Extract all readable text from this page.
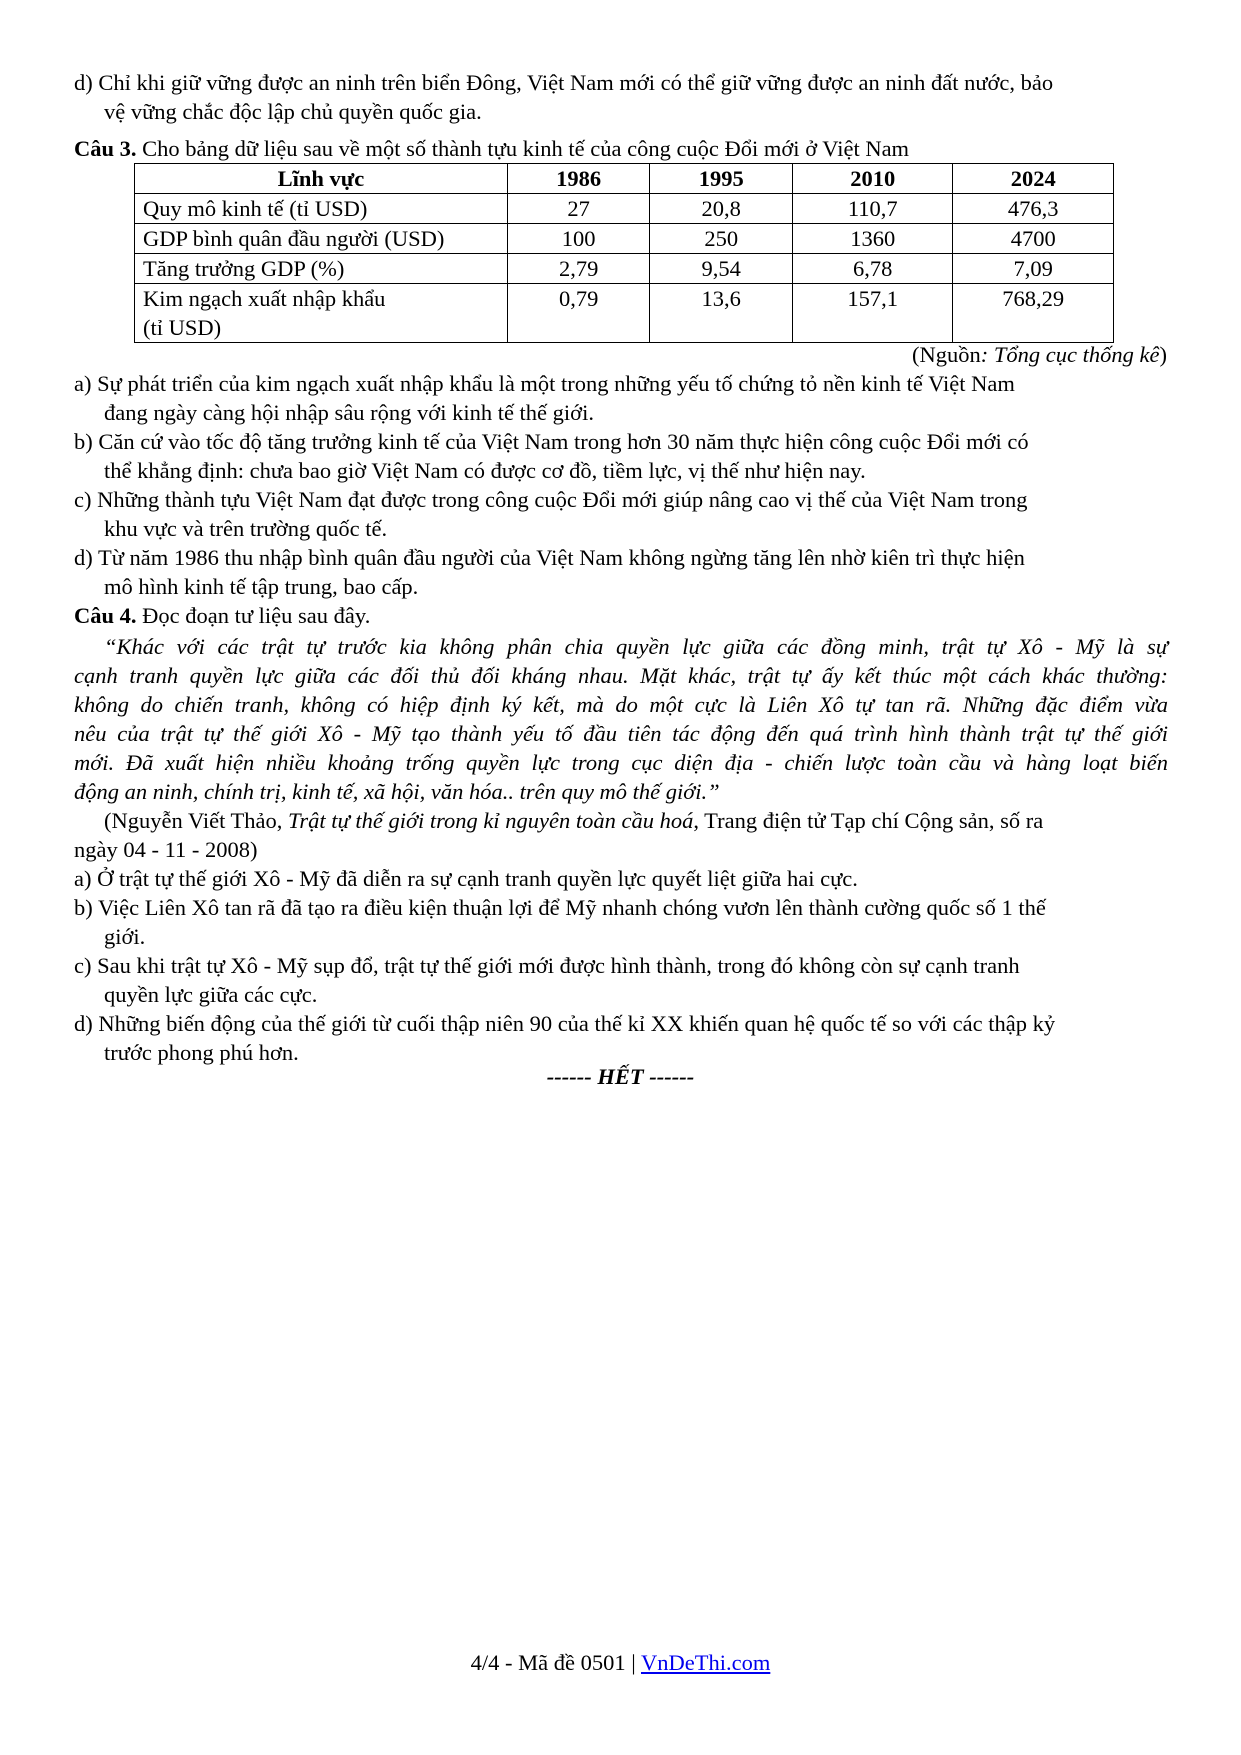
d) Chỉ khi giữ vững được an ninh trên biển Đông, Việt Nam mới có thể giữ vững được an ninh đất nước, bảo

vệ vững chắc độc lập chủ quyền quốc gia.

Câu 3. Cho bảng dữ liệu sau về một số thành tựu kinh tế của công cuộc Đổi mới ở Việt Nam

Lĩnh vực	1986	1995	2010	2024
Quy mô kinh tế (tỉ USD)	27	20,8	110,7	476,3
GDP bình quân đầu người (USD)	100	250	1360	4700
Tăng trưởng GDP (%)	2,79	9,54	6,78	7,09
Kim ngạch xuất nhập khẩu
(tỉ USD)	0,79	13,6	157,1	768,29

(Nguồn: Tổng cục thống kê)

a) Sự phát triển của kim ngạch xuất nhập khẩu là một trong những yếu tố chứng tỏ nền kinh tế Việt Nam

đang ngày càng hội nhập sâu rộng với kinh tế thế giới.

b) Căn cứ vào tốc độ tăng trưởng kinh tế của Việt Nam trong hơn 30 năm thực hiện công cuộc Đổi mới có

thể khẳng định: chưa bao giờ Việt Nam có được cơ đồ, tiềm lực, vị thế như hiện nay.

c) Những thành tựu Việt Nam đạt được trong công cuộc Đổi mới giúp nâng cao vị thế của Việt Nam trong

khu vực và trên trường quốc tế.

d) Từ năm 1986 thu nhập bình quân đầu người của Việt Nam không ngừng tăng lên nhờ kiên trì thực hiện

mô hình kinh tế tập trung, bao cấp.

Câu 4. Đọc đoạn tư liệu sau đây.

“Khác với các trật tự trước kia không phân chia quyền lực giữa các đồng minh, trật tự Xô - Mỹ là sự
cạnh tranh quyền lực giữa các đối thủ đối kháng nhau. Mặt khác, trật tự ấy kết thúc một cách khác thường:
không do chiến tranh, không có hiệp định ký kết, mà do một cực là Liên Xô tự tan rã. Những đặc điểm vừa
nêu của trật tự thế giới Xô - Mỹ tạo thành yếu tố đầu tiên tác động đến quá trình hình thành trật tự thế giới
mới. Đã xuất hiện nhiều khoảng trống quyền lực trong cục diện địa - chiến lược toàn cầu và hàng loạt biến
động an ninh, chính trị, kinh tế, xã hội, văn hóa.. trên quy mô thế giới.”

(Nguyễn Viết Thảo, Trật tự thế giới trong kỉ nguyên toàn cầu hoá, Trang điện tử Tạp chí Cộng sản, số ra

ngày 04 - 11 - 2008)

a) Ở trật tự thế giới Xô - Mỹ đã diễn ra sự cạnh tranh quyền lực quyết liệt giữa hai cực.

b) Việc Liên Xô tan rã đã tạo ra điều kiện thuận lợi để Mỹ nhanh chóng vươn lên thành cường quốc số 1 thế

giới.

c) Sau khi trật tự Xô - Mỹ sụp đổ, trật tự thế giới mới được hình thành, trong đó không còn sự cạnh tranh

quyền lực giữa các cực.

d) Những biến động của thế giới từ cuối thập niên 90 của thế kỉ XX khiến quan hệ quốc tế so với các thập kỷ

trước phong phú hơn.

------ HẾT ------
4/4 - Mã đề 0501 | VnDeThi.com
